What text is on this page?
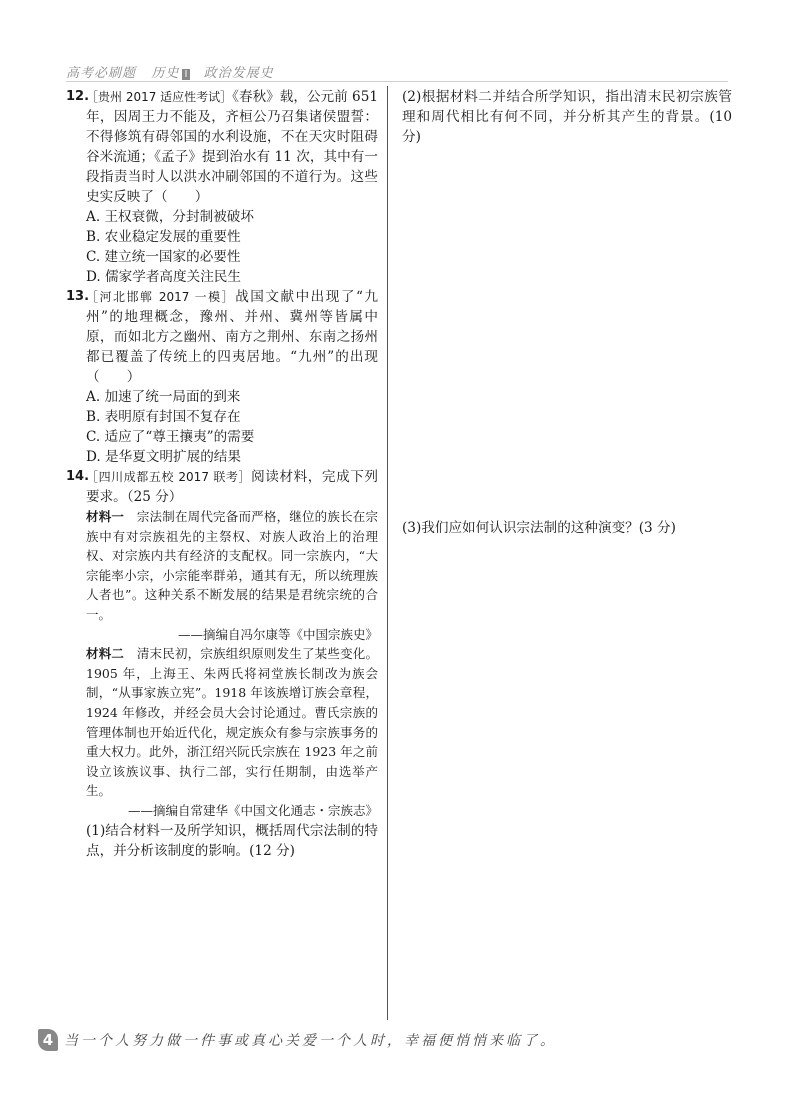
高考必刷题 历史 Ⅰ 政治发展史
12.
［贵州 2017 适应性考试］《春秋》载，公元前 651 年，因周王力不能及，齐桓公乃召集诸侯盟誓：不得修筑有碍邻国的水利设施，不在天灾时阻碍谷米流通；《孟子》提到治水有 11 次，其中有一段指责当时人以洪水冲刷邻国的不道行为。这些史实反映了（　　）
A. 王权衰微，分封制被破坏
B. 农业稳定发展的重要性
C. 建立统一国家的必要性
D. 儒家学者高度关注民生
13.
［河北邯郸 2017 一模］战国文献中出现了“九州”的地理概念，豫州、并州、冀州等皆属中原，而如北方之幽州、南方之荆州、东南之扬州都已覆盖了传统上的四夷居地。“九州”的出现　　　　　　　（　　）
A. 加速了统一局面的到来
B. 表明原有封国不复存在
C. 适应了“尊王攘夷”的需要
D. 是华夏文明扩展的结果
14.
［四川成都五校 2017 联考］阅读材料，完成下列要求。（25 分）
材料一　宗法制在周代完备而严格，继位的族长在宗族中有对宗族祖先的主祭权、对族人政治上的治理权、对宗族内共有经济的支配权。同一宗族内，“大宗能率小宗，小宗能率群弟，通其有无，所以统理族人者也”。这种关系不断发展的结果是君统宗统的合一。
——摘编自冯尔康等《中国宗族史》
材料二　清末民初，宗族组织原则发生了某些变化。1905 年，上海王、朱两氏将祠堂族长制改为族会制，“从事家族立宪”。1918 年该族增订族会章程，1924 年修改，并经会员大会讨论通过。曹氏宗族的管理体制也开始近代化，规定族众有参与宗族事务的重大权力。此外，浙江绍兴阮氏宗族在 1923 年之前设立该族议事、执行二部，实行任期制，由选举产生。
——摘编自常建华《中国文化通志・宗族志》
(1)结合材料一及所学知识，概括周代宗法制的特点，并分析该制度的影响。(12 分)
(2)根据材料二并结合所学知识，指出清末民初宗族管理和周代相比有何不同，并分析其产生的背景。(10 分)
(3)我们应如何认识宗法制的这种演变？(3 分)
4 当一个人努力做一件事或真心关爱一个人时，幸福便悄悄来临了。
